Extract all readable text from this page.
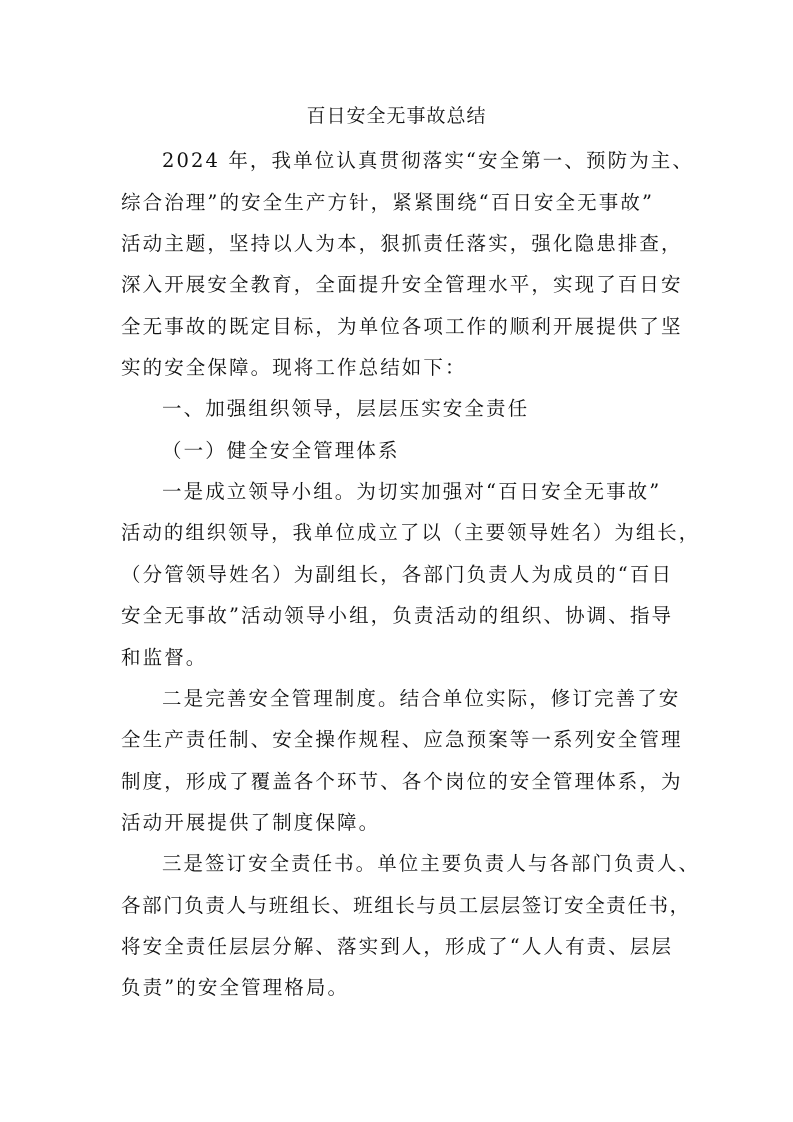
百日安全无事故总结
2024 年，我单位认真贯彻落实“安全第一、预防为主、
综合治理”的安全生产方针，紧紧围绕“百日安全无事故”
活动主题，坚持以人为本，狠抓责任落实，强化隐患排查，
深入开展安全教育，全面提升安全管理水平，实现了百日安
全无事故的既定目标，为单位各项工作的顺利开展提供了坚
实的安全保障。现将工作总结如下：
一、加强组织领导，层层压实安全责任
（一）健全安全管理体系
一是成立领导小组。为切实加强对“百日安全无事故”
活动的组织领导，我单位成立了以（主要领导姓名）为组长，
（分管领导姓名）为副组长，各部门负责人为成员的“百日
安全无事故”活动领导小组，负责活动的组织、协调、指导
和监督。
二是完善安全管理制度。结合单位实际，修订完善了安
全生产责任制、安全操作规程、应急预案等一系列安全管理
制度，形成了覆盖各个环节、各个岗位的安全管理体系，为
活动开展提供了制度保障。
三是签订安全责任书。单位主要负责人与各部门负责人、
各部门负责人与班组长、班组长与员工层层签订安全责任书，
将安全责任层层分解、落实到人，形成了“人人有责、层层
负责”的安全管理格局。
